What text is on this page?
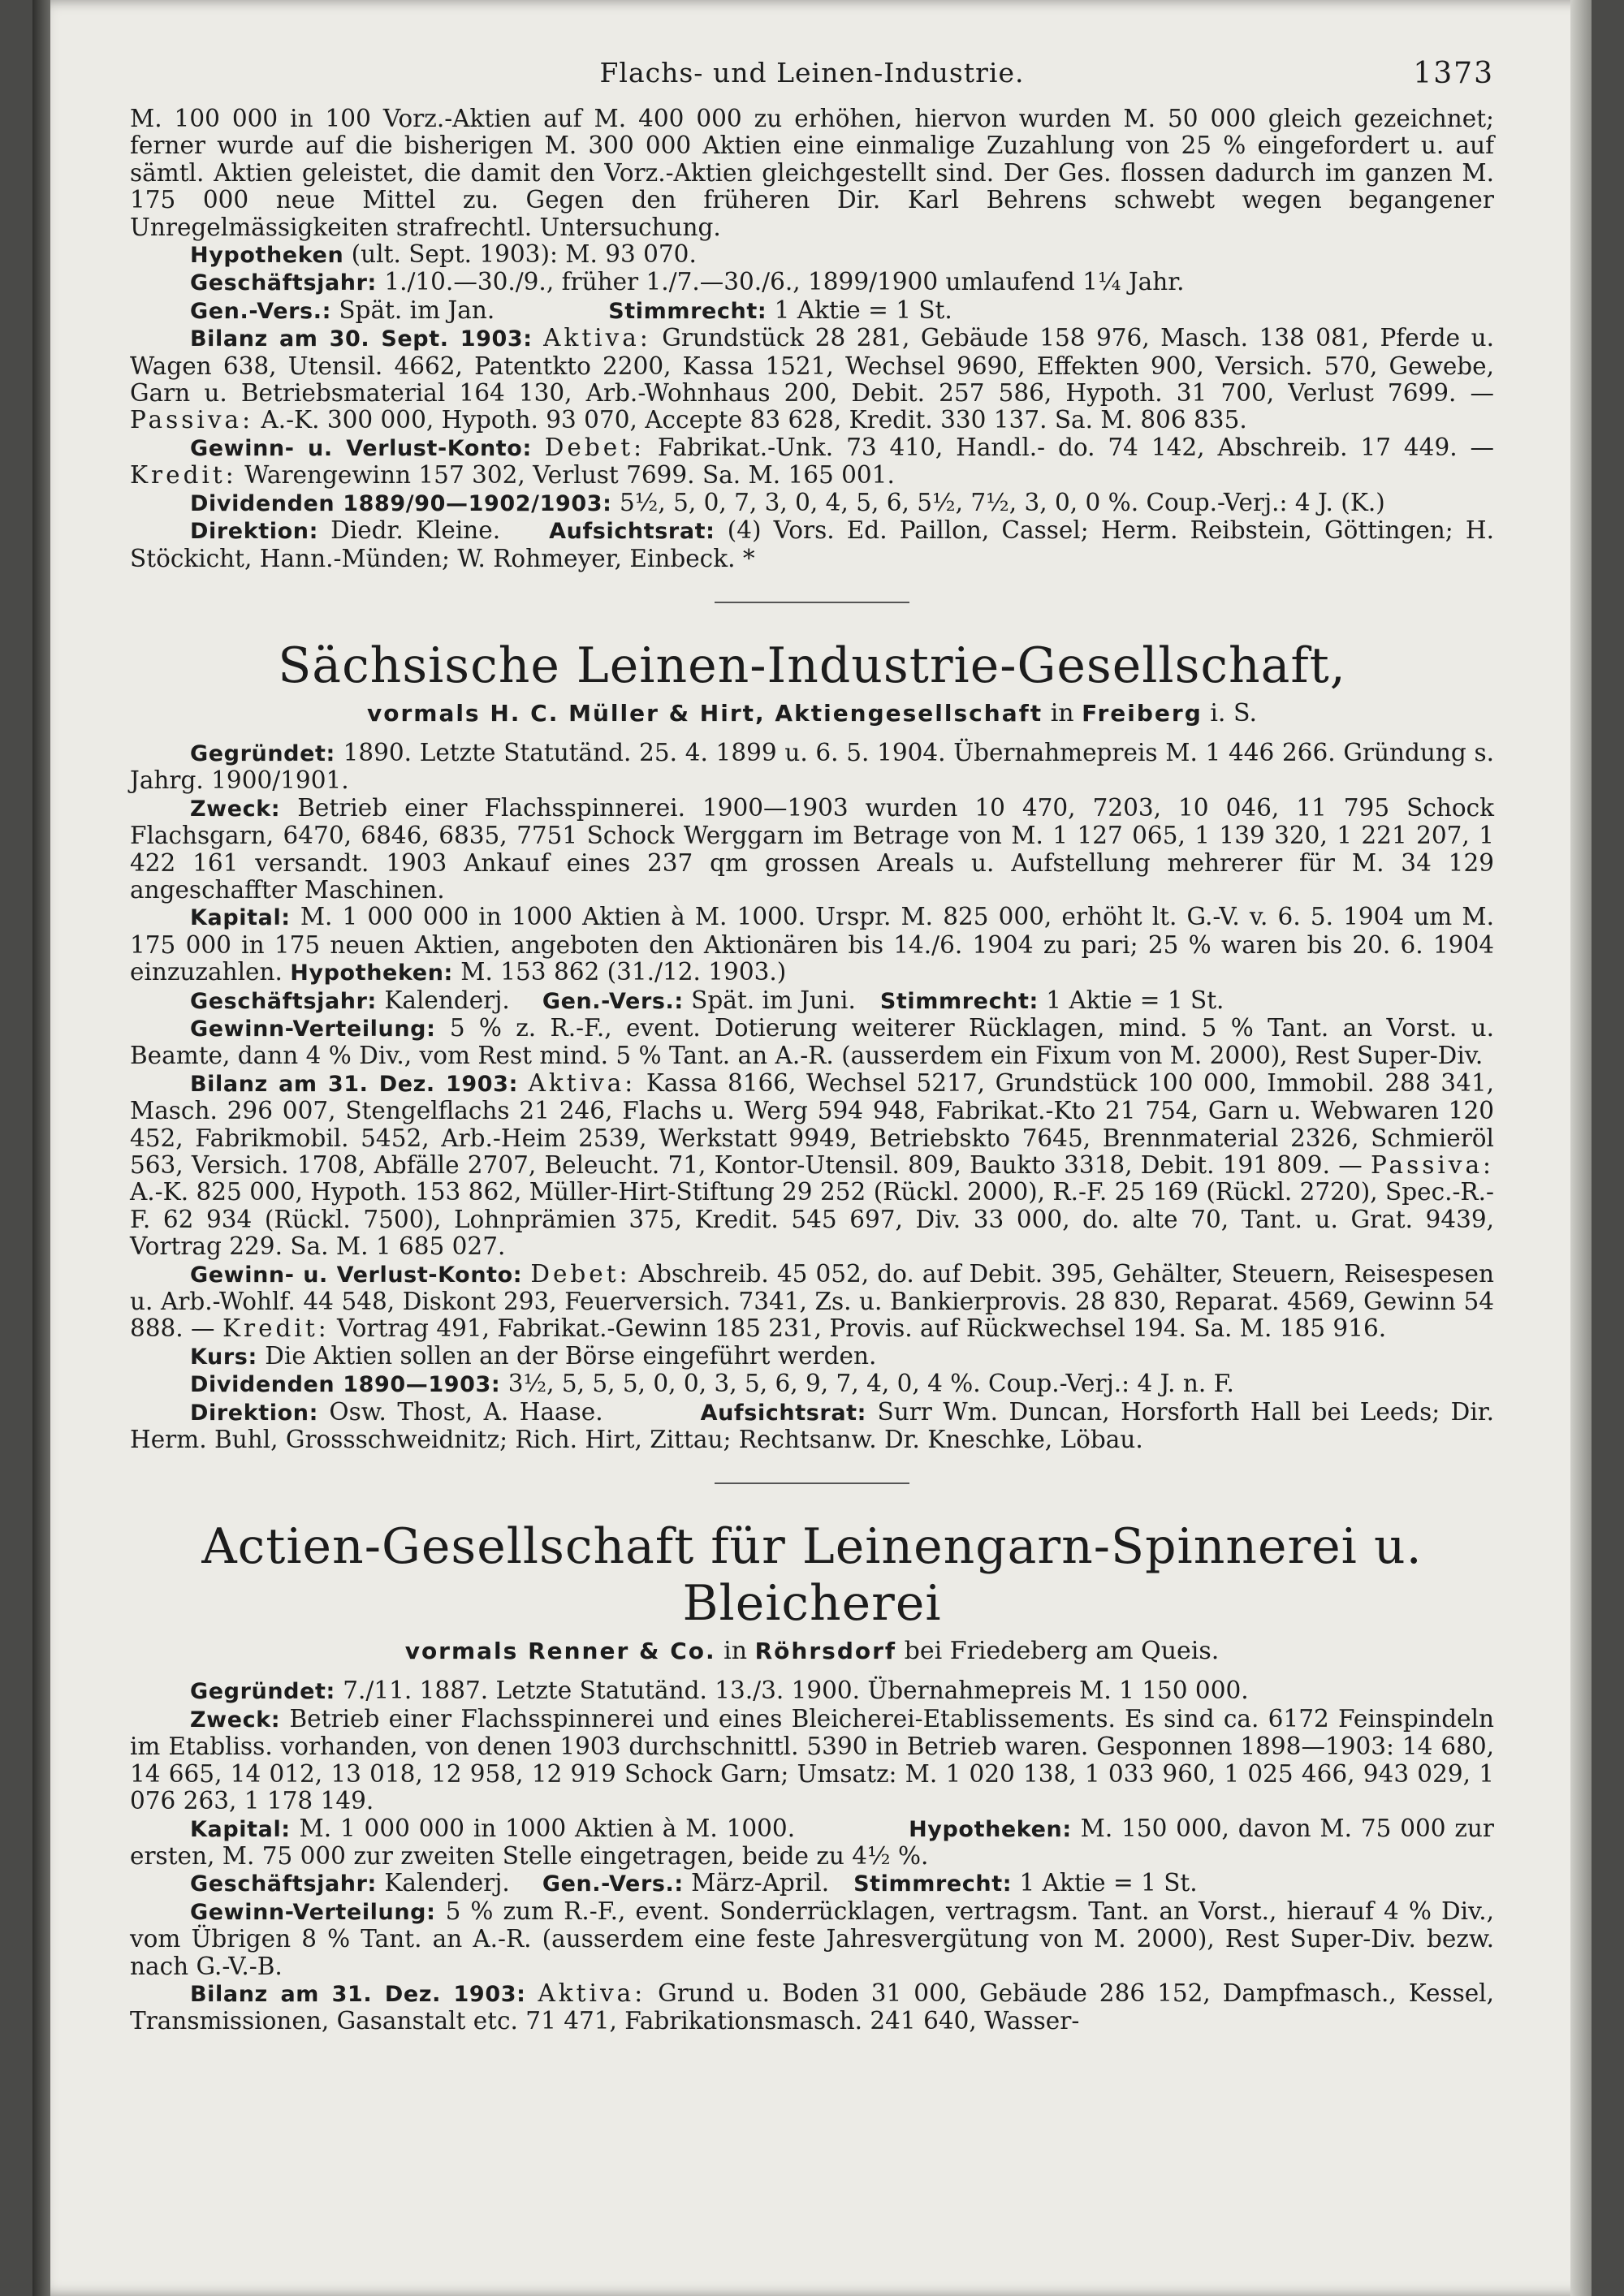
Flachs- und Leinen-Industrie.	1373

M. 100 000 in 100 Vorz.-Aktien auf M. 400 000 zu erhöhen, hiervon wurden M. 50 000 gleich gezeichnet; ferner wurde auf die bisherigen M. 300 000 Aktien eine einmalige Zuzahlung von 25 % eingefordert u. auf sämtl. Aktien geleistet, die damit den Vorz.-Aktien gleichgestellt sind. Der Ges. flossen dadurch im ganzen M. 175 000 neue Mittel zu. Gegen den früheren Dir. Karl Behrens schwebt wegen begangener Unregelmässigkeiten strafrechtl. Untersuchung.

Hypotheken (ult. Sept. 1903): M. 93 070.

Geschäftsjahr: 1./10.—30./9., früher 1./7.—30./6., 1899/1900 umlaufend 1¼ Jahr.

Gen.-Vers.: Spät. im Jan.	Stimmrecht: 1 Aktie = 1 St.

Bilanz am 30. Sept. 1903: Aktiva: Grundstück 28 281, Gebäude 158 976, Masch. 138 081, Pferde u. Wagen 638, Utensil. 4662, Patentkto 2200, Kassa 1521, Wechsel 9690, Effekten 900, Versich. 570, Gewebe, Garn u. Betriebsmaterial 164 130, Arb.-Wohnhaus 200, Debit. 257 586, Hypoth. 31 700, Verlust 7699. — Passiva: A.-K. 300 000, Hypoth. 93 070, Accepte 83 628, Kredit. 330 137. Sa. M. 806 835.

Gewinn- u. Verlust-Konto: Debet: Fabrikat.-Unk. 73 410, Handl.- do. 74 142, Abschreib. 17 449. — Kredit: Warengewinn 157 302, Verlust 7699. Sa. M. 165 001.

Dividenden 1889/90—1902/1903: 5½, 5, 0, 7, 3, 0, 4, 5, 6, 5½, 7½, 3, 0, 0 %. Coup.-Verj.: 4 J. (K.)

Direktion: Diedr. Kleine. Aufsichtsrat: (4) Vors. Ed. Paillon, Cassel; Herm. Reibstein, Göttingen; H. Stöckicht, Hann.-Münden; W. Rohmeyer, Einbeck. *

Sächsische Leinen-Industrie-Gesellschaft,
vormals H. C. Müller & Hirt, Aktiengesellschaft in Freiberg i. S.

Gegründet: 1890. Letzte Statutänd. 25. 4. 1899 u. 6. 5. 1904. Übernahmepreis M. 1 446 266. Gründung s. Jahrg. 1900/1901.

Zweck: Betrieb einer Flachsspinnerei. 1900—1903 wurden 10 470, 7203, 10 046, 11 795 Schock Flachsgarn, 6470, 6846, 6835, 7751 Schock Werggarn im Betrage von M. 1 127 065, 1 139 320, 1 221 207, 1 422 161 versandt. 1903 Ankauf eines 237 qm grossen Areals u. Aufstellung mehrerer für M. 34 129 angeschaffter Maschinen.

Kapital: M. 1 000 000 in 1000 Aktien à M. 1000. Urspr. M. 825 000, erhöht lt. G.-V. v. 6. 5. 1904 um M. 175 000 in 175 neuen Aktien, angeboten den Aktionären bis 14./6. 1904 zu pari; 25 % waren bis 20. 6. 1904 einzuzahlen. Hypotheken: M. 153 862 (31./12. 1903.)

Geschäftsjahr: Kalenderj. Gen.-Vers.: Spät. im Juni. Stimmrecht: 1 Aktie = 1 St.

Gewinn-Verteilung: 5 % z. R.-F., event. Dotierung weiterer Rücklagen, mind. 5 % Tant. an Vorst. u. Beamte, dann 4 % Div., vom Rest mind. 5 % Tant. an A.-R. (ausserdem ein Fixum von M. 2000), Rest Super-Div.

Bilanz am 31. Dez. 1903: Aktiva: Kassa 8166, Wechsel 5217, Grundstück 100 000, Immobil. 288 341, Masch. 296 007, Stengelflachs 21 246, Flachs u. Werg 594 948, Fabrikat.-Kto 21 754, Garn u. Webwaren 120 452, Fabrikmobil. 5452, Arb.-Heim 2539, Werkstatt 9949, Betriebskto 7645, Brennmaterial 2326, Schmieröl 563, Versich. 1708, Abfälle 2707, Beleucht. 71, Kontor-Utensil. 809, Baukto 3318, Debit. 191 809. — Passiva: A.-K. 825 000, Hypoth. 153 862, Müller-Hirt-Stiftung 29 252 (Rückl. 2000), R.-F. 25 169 (Rückl. 2720), Spec.-R.-F. 62 934 (Rückl. 7500), Lohnprämien 375, Kredit. 545 697, Div. 33 000, do. alte 70, Tant. u. Grat. 9439, Vortrag 229. Sa. M. 1 685 027.

Gewinn- u. Verlust-Konto: Debet: Abschreib. 45 052, do. auf Debit. 395, Gehälter, Steuern, Reisespesen u. Arb.-Wohlf. 44 548, Diskont 293, Feuerversich. 7341, Zs. u. Bankierprovis. 28 830, Reparat. 4569, Gewinn 54 888. — Kredit: Vortrag 491, Fabrikat.-Gewinn 185 231, Provis. auf Rückwechsel 194. Sa. M. 185 916.

Kurs: Die Aktien sollen an der Börse eingeführt werden.

Dividenden 1890—1903: 3½, 5, 5, 5, 0, 0, 3, 5, 6, 9, 7, 4, 0, 4 %. Coup.-Verj.: 4 J. n. F.

Direktion: Osw. Thost, A. Haase.	Aufsichtsrat: Surr Wm. Duncan, Horsforth Hall bei Leeds; Dir. Herm. Buhl, Grossschweidnitz; Rich. Hirt, Zittau; Rechtsanw. Dr. Kneschke, Löbau.

Actien-Gesellschaft für Leinengarn-Spinnerei u. Bleicherei
vormals Renner & Co. in Röhrsdorf bei Friedeberg am Queis.

Gegründet: 7./11. 1887. Letzte Statutänd. 13./3. 1900. Übernahmepreis M. 1 150 000.

Zweck: Betrieb einer Flachsspinnerei und eines Bleicherei-Etablissements. Es sind ca. 6172 Feinspindeln im Etabliss. vorhanden, von denen 1903 durchschnittl. 5390 in Betrieb waren. Gesponnen 1898—1903: 14 680, 14 665, 14 012, 13 018, 12 958, 12 919 Schock Garn; Umsatz: M. 1 020 138, 1 033 960, 1 025 466, 943 029, 1 076 263, 1 178 149.

Kapital: M. 1 000 000 in 1000 Aktien à M. 1000.	Hypotheken: M. 150 000, davon M. 75 000 zur ersten, M. 75 000 zur zweiten Stelle eingetragen, beide zu 4½ %.

Geschäftsjahr: Kalenderj. Gen.-Vers.: März-April. Stimmrecht: 1 Aktie = 1 St.

Gewinn-Verteilung: 5 % zum R.-F., event. Sonderrücklagen, vertragsm. Tant. an Vorst., hierauf 4 % Div., vom Übrigen 8 % Tant. an A.-R. (ausserdem eine feste Jahresvergütung von M. 2000), Rest Super-Div. bezw. nach G.-V.-B.

Bilanz am 31. Dez. 1903: Aktiva: Grund u. Boden 31 000, Gebäude 286 152, Dampfmasch., Kessel, Transmissionen, Gasanstalt etc. 71 471, Fabrikationsmasch. 241 640, Wasser-
